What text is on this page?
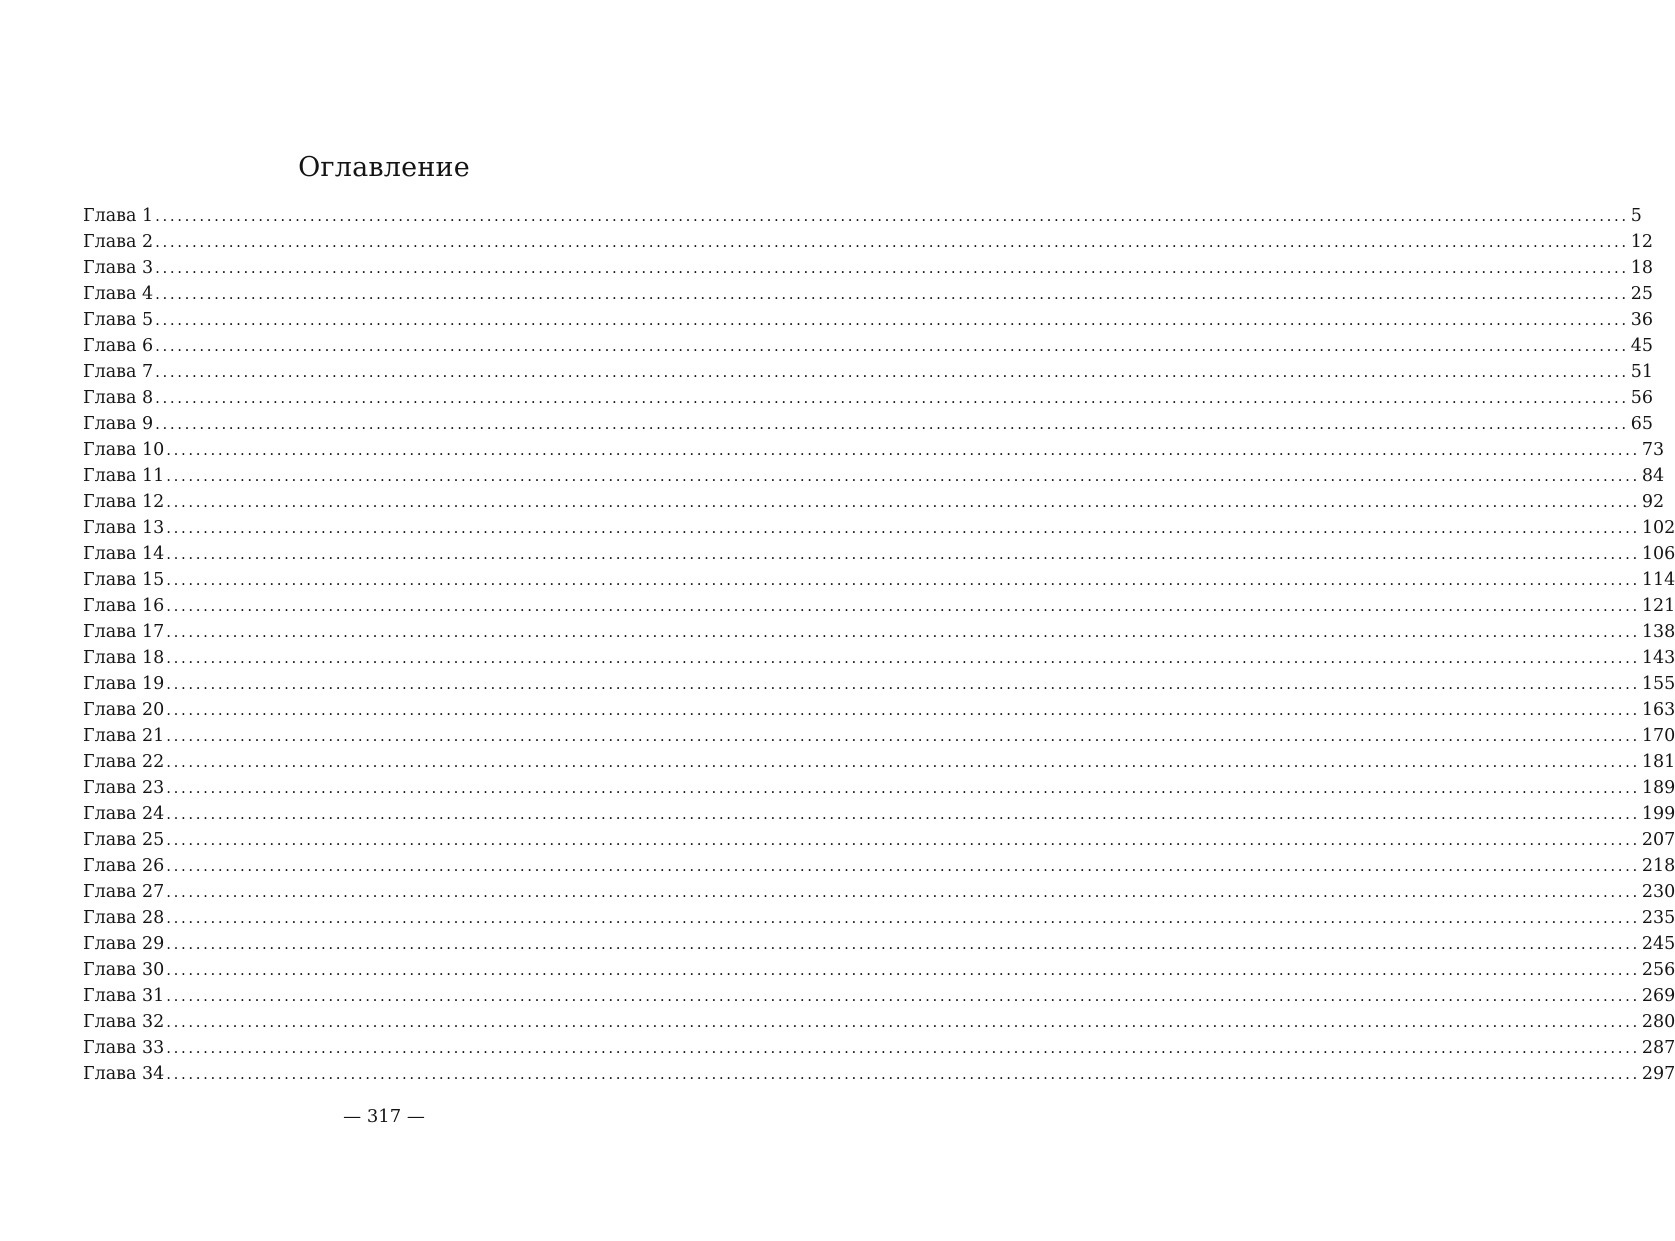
Оглавление
Глава 1 ........................................................................................................................................................................................................ 5
Глава 2 ........................................................................................................................................................................................................ 12
Глава 3 ........................................................................................................................................................................................................ 18
Глава 4 ........................................................................................................................................................................................................ 25
Глава 5 ........................................................................................................................................................................................................ 36
Глава 6 ........................................................................................................................................................................................................ 45
Глава 7 ........................................................................................................................................................................................................ 51
Глава 8 ........................................................................................................................................................................................................ 56
Глава 9 ........................................................................................................................................................................................................ 65
Глава 10 ........................................................................................................................................................................................................ 73
Глава 11 ........................................................................................................................................................................................................ 84
Глава 12 ........................................................................................................................................................................................................ 92
Глава 13 ........................................................................................................................................................................................................ 102
Глава 14 ........................................................................................................................................................................................................ 106
Глава 15 ........................................................................................................................................................................................................ 114
Глава 16 ........................................................................................................................................................................................................ 121
Глава 17 ........................................................................................................................................................................................................ 138
Глава 18 ........................................................................................................................................................................................................ 143
Глава 19 ........................................................................................................................................................................................................ 155
Глава 20 ........................................................................................................................................................................................................ 163
Глава 21 ........................................................................................................................................................................................................ 170
Глава 22 ........................................................................................................................................................................................................ 181
Глава 23 ........................................................................................................................................................................................................ 189
Глава 24 ........................................................................................................................................................................................................ 199
Глава 25 ........................................................................................................................................................................................................ 207
Глава 26 ........................................................................................................................................................................................................ 218
Глава 27 ........................................................................................................................................................................................................ 230
Глава 28 ........................................................................................................................................................................................................ 235
Глава 29 ........................................................................................................................................................................................................ 245
Глава 30 ........................................................................................................................................................................................................ 256
Глава 31 ........................................................................................................................................................................................................ 269
Глава 32 ........................................................................................................................................................................................................ 280
Глава 33 ........................................................................................................................................................................................................ 287
Глава 34 ........................................................................................................................................................................................................ 297
— 317 —
